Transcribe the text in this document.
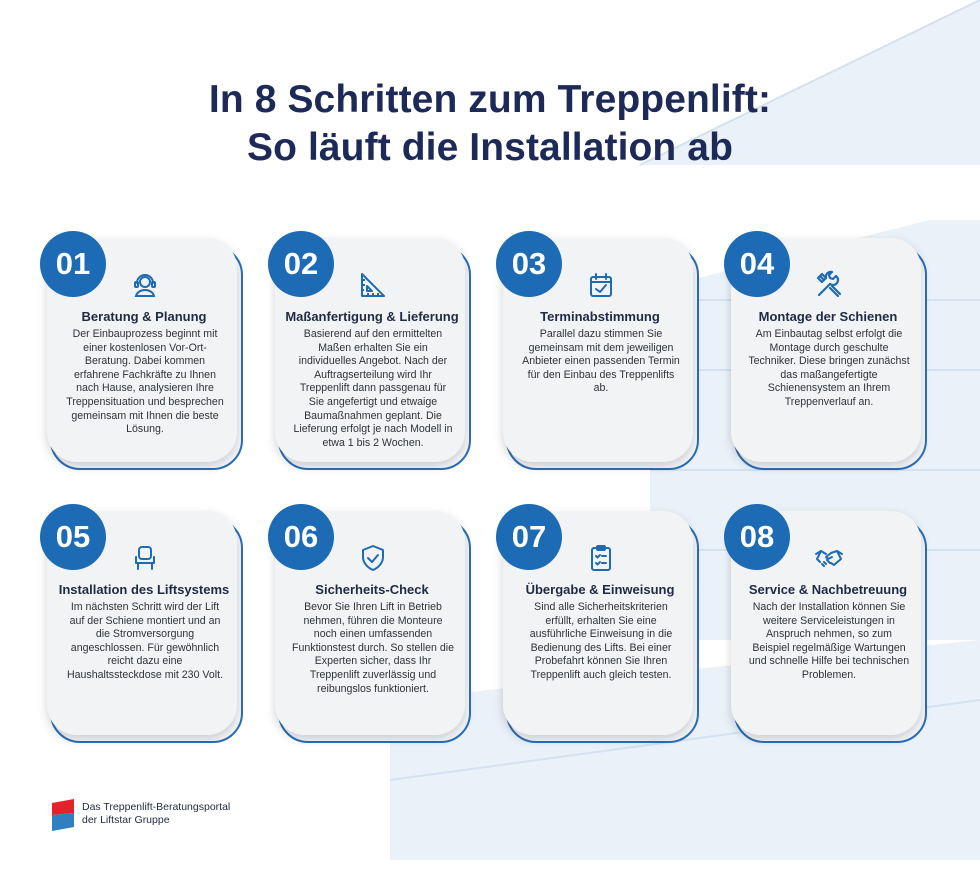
In 8 Schritten zum Treppenlift:
So läuft die Installation ab
01
Beratung & Planung
Der Einbauprozess beginnt mit einer kostenlosen Vor-Ort-Beratung. Dabei kommen erfahrene Fachkräfte zu Ihnen nach Hause, analysieren Ihre Treppensituation und besprechen gemeinsam mit Ihnen die beste Lösung.
02
Maßanfertigung & Lieferung
Basierend auf den ermittelten Maßen erhalten Sie ein individuelles Angebot. Nach der Auftragserteilung wird Ihr Treppenlift dann passgenau für Sie angefertigt und etwaige Baumaßnahmen geplant. Die Lieferung erfolgt je nach Modell in etwa 1 bis 2 Wochen.
03
Terminabstimmung
Parallel dazu stimmen Sie gemeinsam mit dem jeweiligen Anbieter einen passenden Termin für den Einbau des Treppenlifts ab.
04
Montage der Schienen
Am Einbautag selbst erfolgt die Montage durch geschulte Techniker. Diese bringen zunächst das maßangefertigte Schienensystem an Ihrem Treppenverlauf an.
05
Installation des Liftsystems
Im nächsten Schritt wird der Lift auf der Schiene montiert und an die Stromversorgung angeschlossen. Für gewöhnlich reicht dazu eine Haushaltssteckdose mit 230 Volt.
06
Sicherheits-Check
Bevor Sie Ihren Lift in Betrieb nehmen, führen die Monteure noch einen umfassenden Funktionstest durch. So stellen die Experten sicher, dass Ihr Treppenlift zuverlässig und reibungslos funktioniert.
07
Übergabe & Einweisung
Sind alle Sicherheitskriterien erfüllt, erhalten Sie eine ausführliche Einweisung in die Bedienung des Lifts. Bei einer Probefahrt können Sie Ihren Treppenlift auch gleich testen.
08
Service & Nachbetreuung
Nach der Installation können Sie weitere Serviceleistungen in Anspruch nehmen, so zum Beispiel regelmäßige Wartungen und schnelle Hilfe bei technischen Problemen.
Das Treppenlift-Beratungsportal
der Liftstar Gruppe
